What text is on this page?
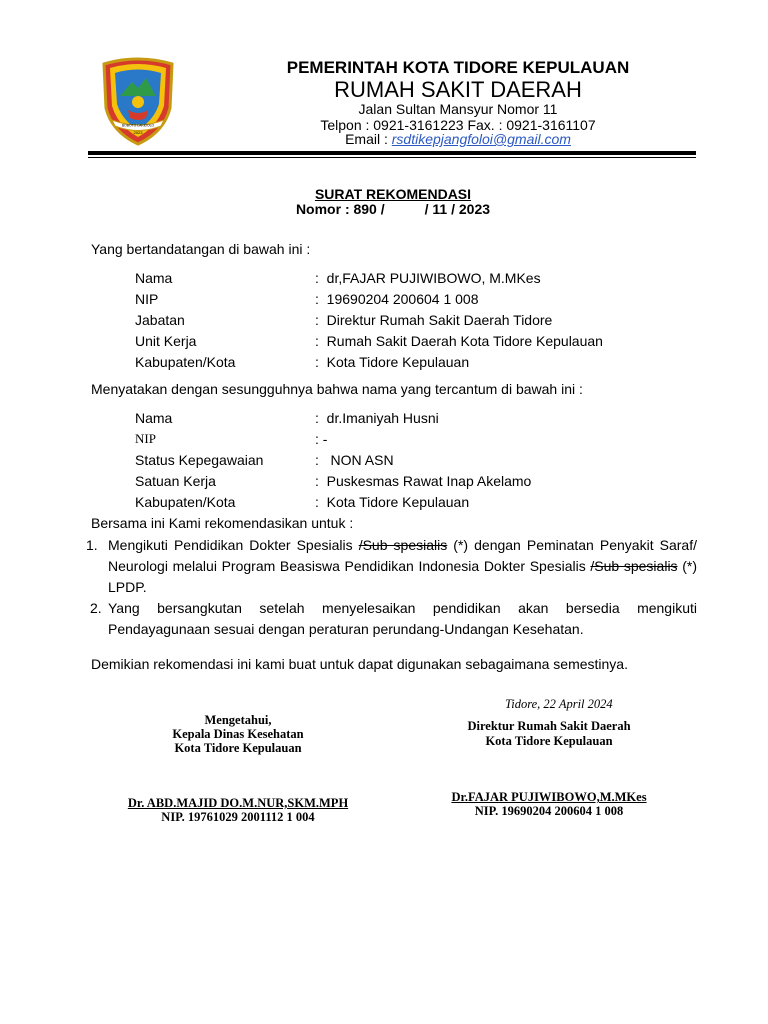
BOBOTO LAKIDOLO
2023
PEMERINTAH KOTA TIDORE KEPULAUAN
RUMAH SAKIT DAERAH
Jalan Sultan Mansyur Nomor 11
Telpon : 0921-3161223 Fax. : 0921-3161107
Email : rsdtikepjangfoloi@gmail.com
SURAT REKOMENDASI
Nomor : 890 /	/ 11 / 2023
Yang bertandatangan di bawah ini :
Nama	:  dr,FAJAR PUJIWIBOWO, M.MKes
NIP	:  19690204 200604 1 008
Jabatan	:  Direktur Rumah Sakit Daerah Tidore
Unit Kerja	:  Rumah Sakit Daerah Kota Tidore Kepulauan
Kabupaten/Kota	:  Kota Tidore Kepulauan
Menyatakan dengan sesungguhnya bahwa nama yang tercantum di bawah ini :
Nama	:  dr.Imaniyah Husni
NIP	: -
Status Kepegawaian	:   NON ASN
Satuan Kerja	:  Puskesmas Rawat Inap Akelamo
Kabupaten/Kota	:  Kota Tidore Kepulauan
Bersama ini Kami rekomendasikan untuk :
1. Mengikuti Pendidikan Dokter Spesialis /Sub spesialis (*) dengan Peminatan Penyakit Saraf/ Neurologi melalui Program Beasiswa Pendidikan Indonesia Dokter Spesialis /Sub spesialis (*) LPDP.
2. Yang bersangkutan setelah menyelesaikan pendidikan akan bersedia mengikuti Pendayagunaan sesuai dengan peraturan perundang-Undangan Kesehatan.
Demikian rekomendasi ini kami buat untuk dapat digunakan sebagaimana semestinya.
Tidore, 22 April 2024
Mengetahui,
Kepala Dinas Kesehatan
Kota Tidore Kepulauan
Dr. ABD.MAJID DO.M.NUR,SKM.MPH
NIP. 19761029 2001112 1 004
Direktur Rumah Sakit Daerah
Kota Tidore Kepulauan
Dr.FAJAR PUJIWIBOWO,M.MKes
NIP. 19690204 200604 1 008
